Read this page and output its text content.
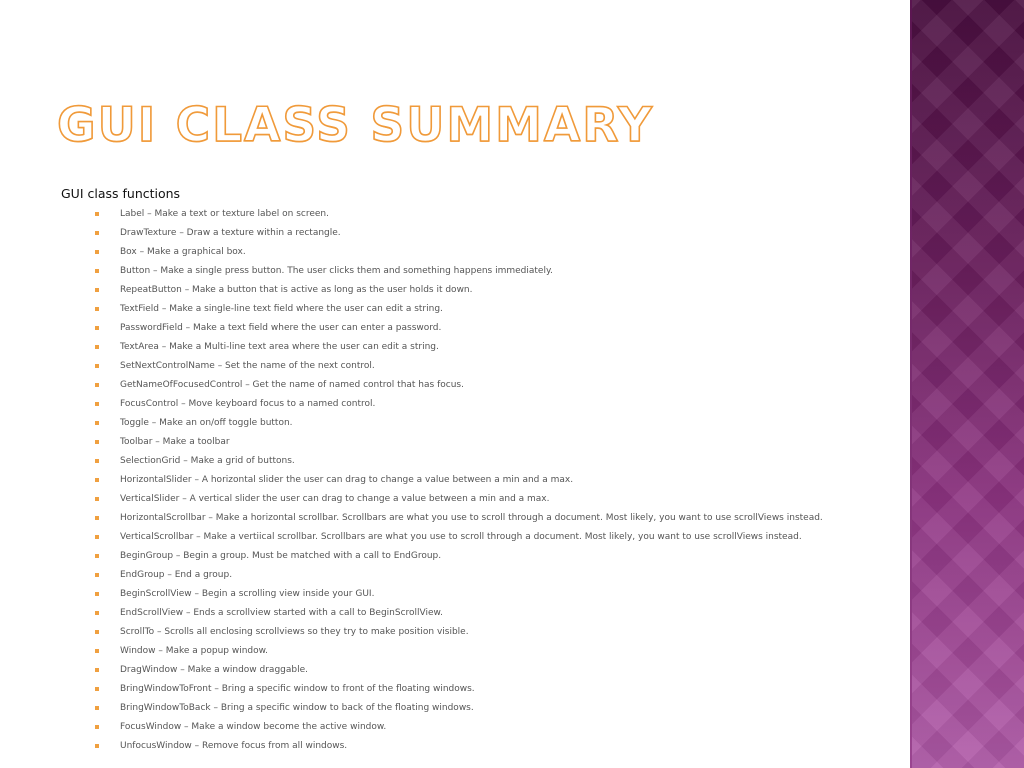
GUI CLASS SUMMARY

GUI class functions

Label – Make a text or texture label on screen.
DrawTexture – Draw a texture within a rectangle.
Box – Make a graphical box.
Button – Make a single press button. The user clicks them and something happens immediately.
RepeatButton – Make a button that is active as long as the user holds it down.
TextField – Make a single-line text field where the user can edit a string.
PasswordField – Make a text field where the user can enter a password.
TextArea – Make a Multi-line text area where the user can edit a string.
SetNextControlName – Set the name of the next control.
GetNameOfFocusedControl – Get the name of named control that has focus.
FocusControl – Move keyboard focus to a named control.
Toggle – Make an on/off toggle button.
Toolbar – Make a toolbar
SelectionGrid – Make a grid of buttons.
HorizontalSlider – A horizontal slider the user can drag to change a value between a min and a max.
VerticalSlider – A vertical slider the user can drag to change a value between a min and a max.
HorizontalScrollbar – Make a horizontal scrollbar. Scrollbars are what you use to scroll through a document. Most likely, you want to use scrollViews instead.
VerticalScrollbar – Make a vertiical scrollbar. Scrollbars are what you use to scroll through a document. Most likely, you want to use scrollViews instead.
BeginGroup – Begin a group. Must be matched with a call to EndGroup.
EndGroup – End a group.
BeginScrollView – Begin a scrolling view inside your GUI.
EndScrollView – Ends a scrollview started with a call to BeginScrollView.
ScrollTo – Scrolls all enclosing scrollviews so they try to make position visible.
Window – Make a popup window.
DragWindow – Make a window draggable.
BringWindowToFront – Bring a specific window to front of the floating windows.
BringWindowToBack – Bring a specific window to back of the floating windows.
FocusWindow – Make a window become the active window.
UnfocusWindow – Remove focus from all windows.
